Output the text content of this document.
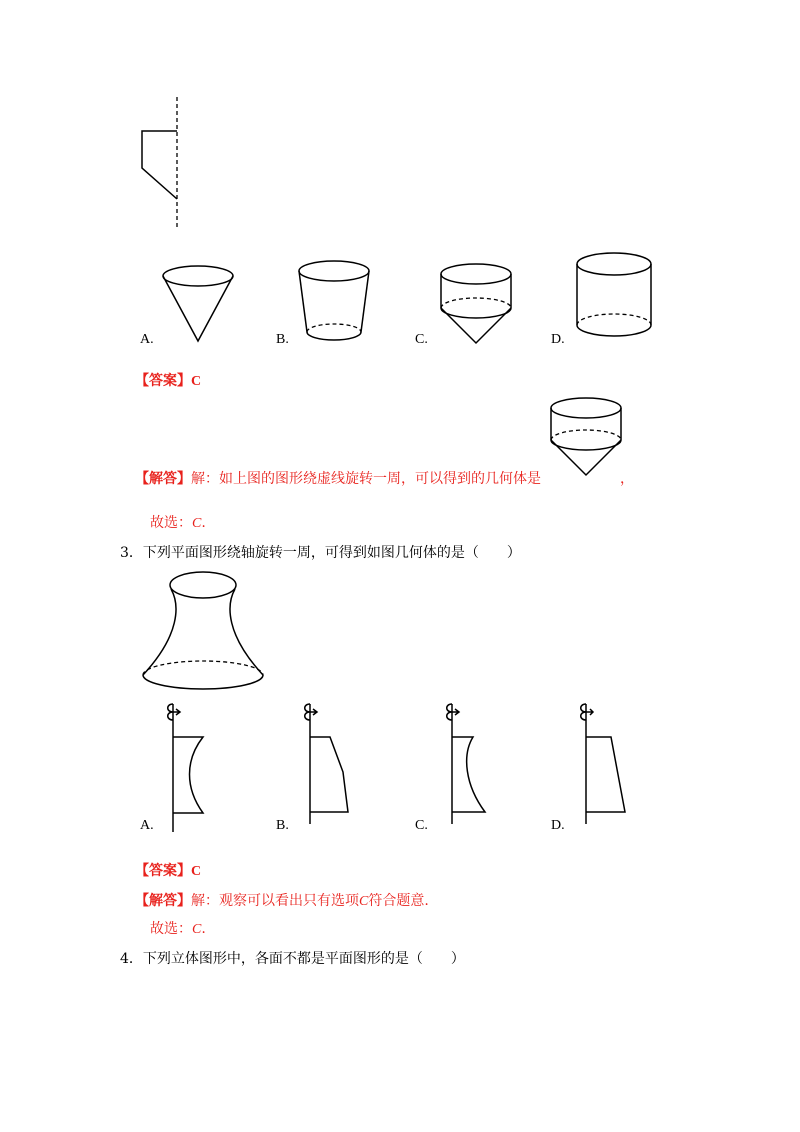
A.	B.	C.	D.
【答案】C
【解答】解：如上图的图形绕虚线旋转一周，可以得到的几何体是	，
故选：C.
3．下列平面图形绕轴旋转一周，可得到如图几何体的是（　　）
A.	B.	C.	D.
【答案】C
【解答】解：观察可以看出只有选项C符合题意.
故选：C.
4．下列立体图形中，各面不都是平面图形的是（　　）
